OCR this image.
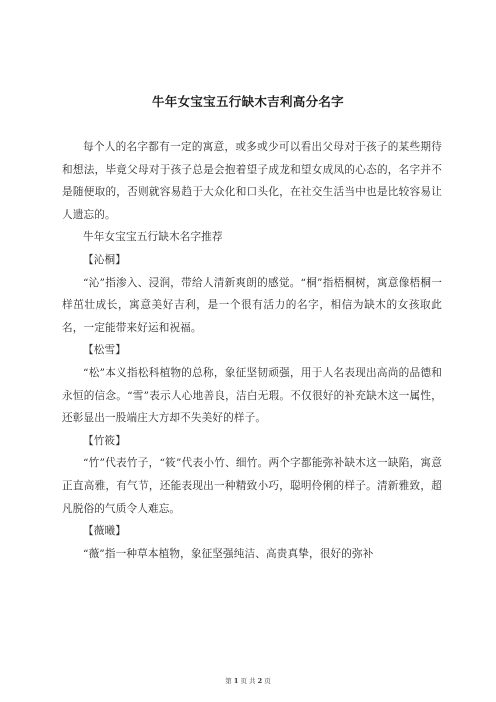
牛年女宝宝五行缺木吉利高分名字

每个人的名字都有一定的寓意，或多或少可以看出父母对于孩子的某些期待和想法，毕竟父母对于孩子总是会抱着望子成龙和望女成凤的心态的，名字并不是随便取的，否则就容易趋于大众化和口头化，在社交生活当中也是比较容易让人遗忘的。

牛年女宝宝五行缺木名字推荐

【沁桐】

“沁”指渗入、浸润，带给人清新爽朗的感觉。“桐”指梧桐树，寓意像梧桐一样茁壮成长，寓意美好吉利，是一个很有活力的名字，相信为缺木的女孩取此名，一定能带来好运和祝福。

【松雪】

“松”本义指松科植物的总称，象征坚韧顽强，用于人名表现出高尚的品德和永恒的信念。“雪”表示人心地善良，洁白无瑕。不仅很好的补充缺木这一属性，还彰显出一股端庄大方却不失美好的样子。

【竹筱】

“竹”代表竹子，“筱”代表小竹、细竹。两个字都能弥补缺木这一缺陷，寓意正直高雅，有气节，还能表现出一种精致小巧，聪明伶俐的样子。清新雅致，超凡脱俗的气质令人难忘。

【薇曦】

“薇”指一种草本植物，象征坚强纯洁、高贵真挚，很好的弥补

第 1 页 共 2 页
